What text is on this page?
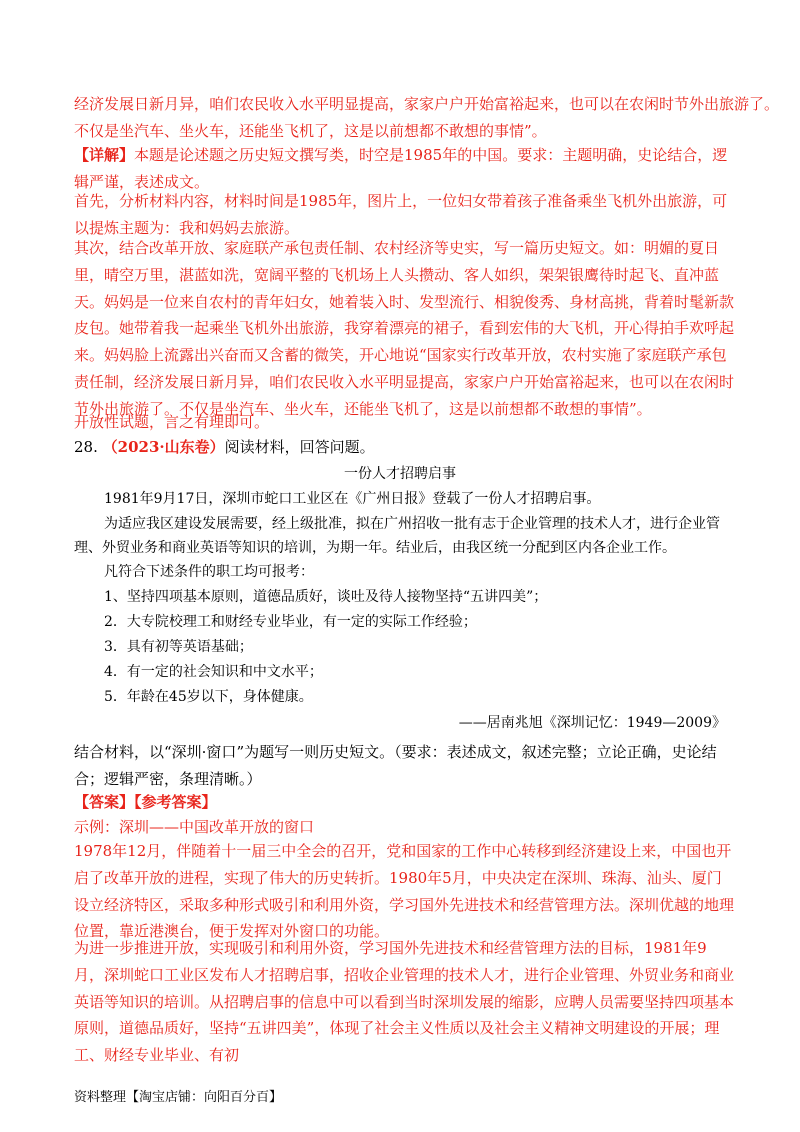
经济发展日新月异，咱们农民收入水平明显提高，家家户户开始富裕起来，也可以在农闲时节外出旅游了。
不仅是坐汽车、坐火车，还能坐飞机了，这是以前想都不敢想的事情”。
【详解】本题是论述题之历史短文撰写类，时空是1985年的中国。要求：主题明确，史论结合，逻辑严谨，表述成文。
首先，分析材料内容，材料时间是1985年，图片上，一位妇女带着孩子准备乘坐飞机外出旅游，可以提炼主题为：我和妈妈去旅游。
其次，结合改革开放、家庭联产承包责任制、农村经济等史实，写一篇历史短文。如：明媚的夏日里，晴空万里，湛蓝如洗，宽阔平整的飞机场上人头攒动、客人如织，架架银鹰待时起飞、直冲蓝天。妈妈是一位来自农村的青年妇女，她着装入时、发型流行、相貌俊秀、身材高挑，背着时髦新款皮包。她带着我一起乘坐飞机外出旅游，我穿着漂亮的裙子，看到宏伟的大飞机，开心得拍手欢呼起来。妈妈脸上流露出兴奋而又含蓄的微笑，开心地说“国家实行改革开放，农村实施了家庭联产承包责任制，经济发展日新月异，咱们农民收入水平明显提高，家家户户开始富裕起来，也可以在农闲时节外出旅游了。不仅是坐汽车、坐火车，还能坐飞机了，这是以前想都不敢想的事情”。
开放性试题，言之有理即可。
28. （2023·山东卷）阅读材料，回答问题。
一份人才招聘启事
1981年9月17日，深圳市蛇口工业区在《广州日报》登载了一份人才招聘启事。
为适应我区建设发展需要，经上级批准，拟在广州招收一批有志于企业管理的技术人才，进行企业管
理、外贸业务和商业英语等知识的培训，为期一年。结业后，由我区统一分配到区内各企业工作。
凡符合下述条件的职工均可报考：
1、坚持四项基本原则，道德品质好，谈吐及待人接物坚持“五讲四美”；
2．大专院校理工和财经专业毕业，有一定的实际工作经验；
3．具有初等英语基础；
4．有一定的社会知识和中文水平；
5．年龄在45岁以下，身体健康。
——居南兆旭《深圳记忆：1949—2009》
结合材料，以“深圳·窗口”为题写一则历史短文。（要求：表述成文，叙述完整；立论正确，史论结合；逻辑严密，条理清晰。）
【答案】【参考答案】
示例：深圳——中国改革开放的窗口
1978年12月，伴随着十一届三中全会的召开，党和国家的工作中心转移到经济建设上来，中国也开启了改革开放的进程，实现了伟大的历史转折。1980年5月，中央决定在深圳、珠海、汕头、厦门设立经济特区，采取多种形式吸引和利用外资，学习国外先进技术和经营管理方法。深圳优越的地理位置，靠近港澳台，便于发挥对外窗口的功能。
为进一步推进开放，实现吸引和利用外资，学习国外先进技术和经营管理方法的目标，1981年9月，深圳蛇口工业区发布人才招聘启事，招收企业管理的技术人才，进行企业管理、外贸业务和商业英语等知识的培训。从招聘启事的信息中可以看到当时深圳发展的缩影，应聘人员需要坚持四项基本原则，道德品质好，坚持“五讲四美”，体现了社会主义性质以及社会主义精神文明建设的开展；理工、财经专业毕业、有初
资料整理【淘宝店铺：向阳百分百】
